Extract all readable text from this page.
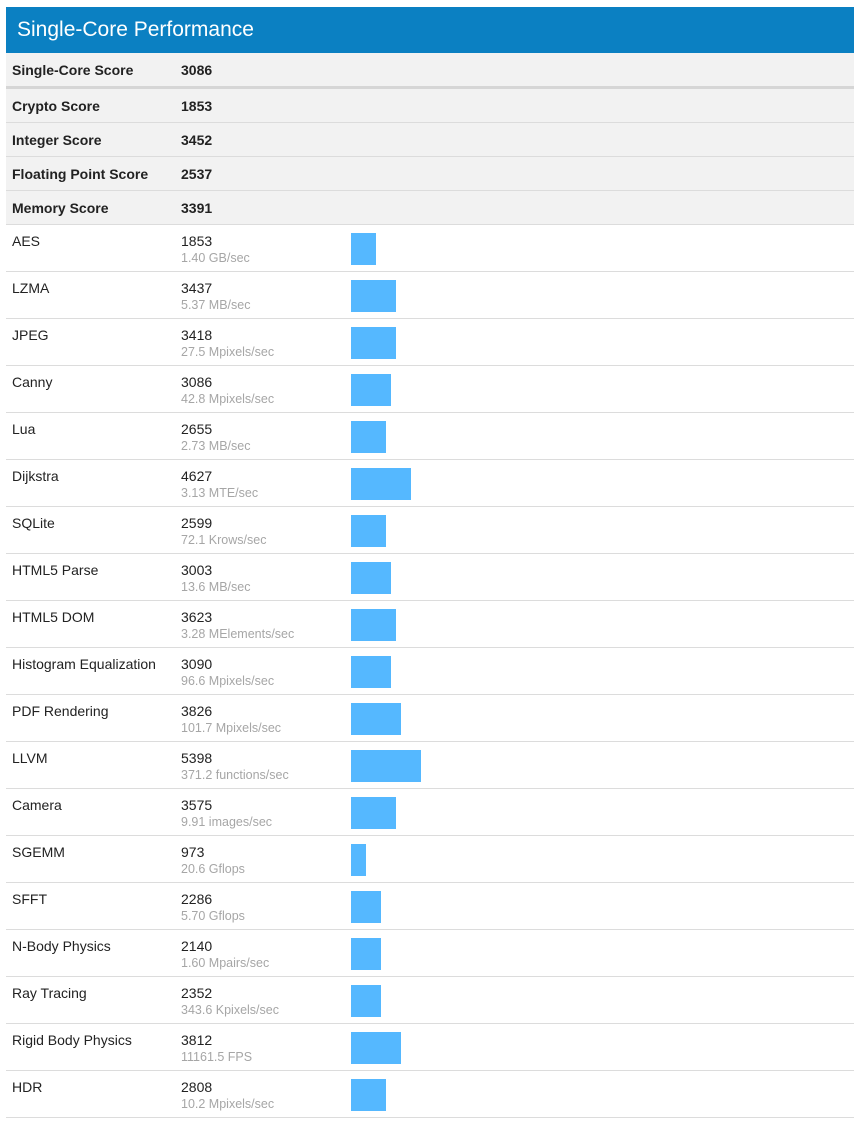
Single-Core Performance
Single-Core Score	3086
Crypto Score	1853
Integer Score	3452
Floating Point Score 2537
Memory Score	3391
AES	1853
1.40 GB/sec
LZMA	3437
5.37 MB/sec
JPEG	3418
27.5 Mpixels/sec
Canny	3086
42.8 Mpixels/sec
Lua	2655
2.73 MB/sec
Dijkstra	4627
3.13 MTE/sec
SQLite	2599
72.1 Krows/sec
HTML5 Parse	3003
13.6 MB/sec
HTML5 DOM	3623
3.28 MElements/sec
Histogram Equalization 3090
96.6 Mpixels/sec
PDF Rendering	3826
101.7 Mpixels/sec
LLVM	5398
371.2 functions/sec
Camera	3575
9.91 images/sec
SGEMM	973
20.6 Gflops
SFFT	2286
5.70 Gflops
N-Body Physics	2140
1.60 Mpairs/sec
Ray Tracing	2352
343.6 Kpixels/sec
Rigid Body Physics	3812
11161.5 FPS
HDR	2808
10.2 Mpixels/sec
